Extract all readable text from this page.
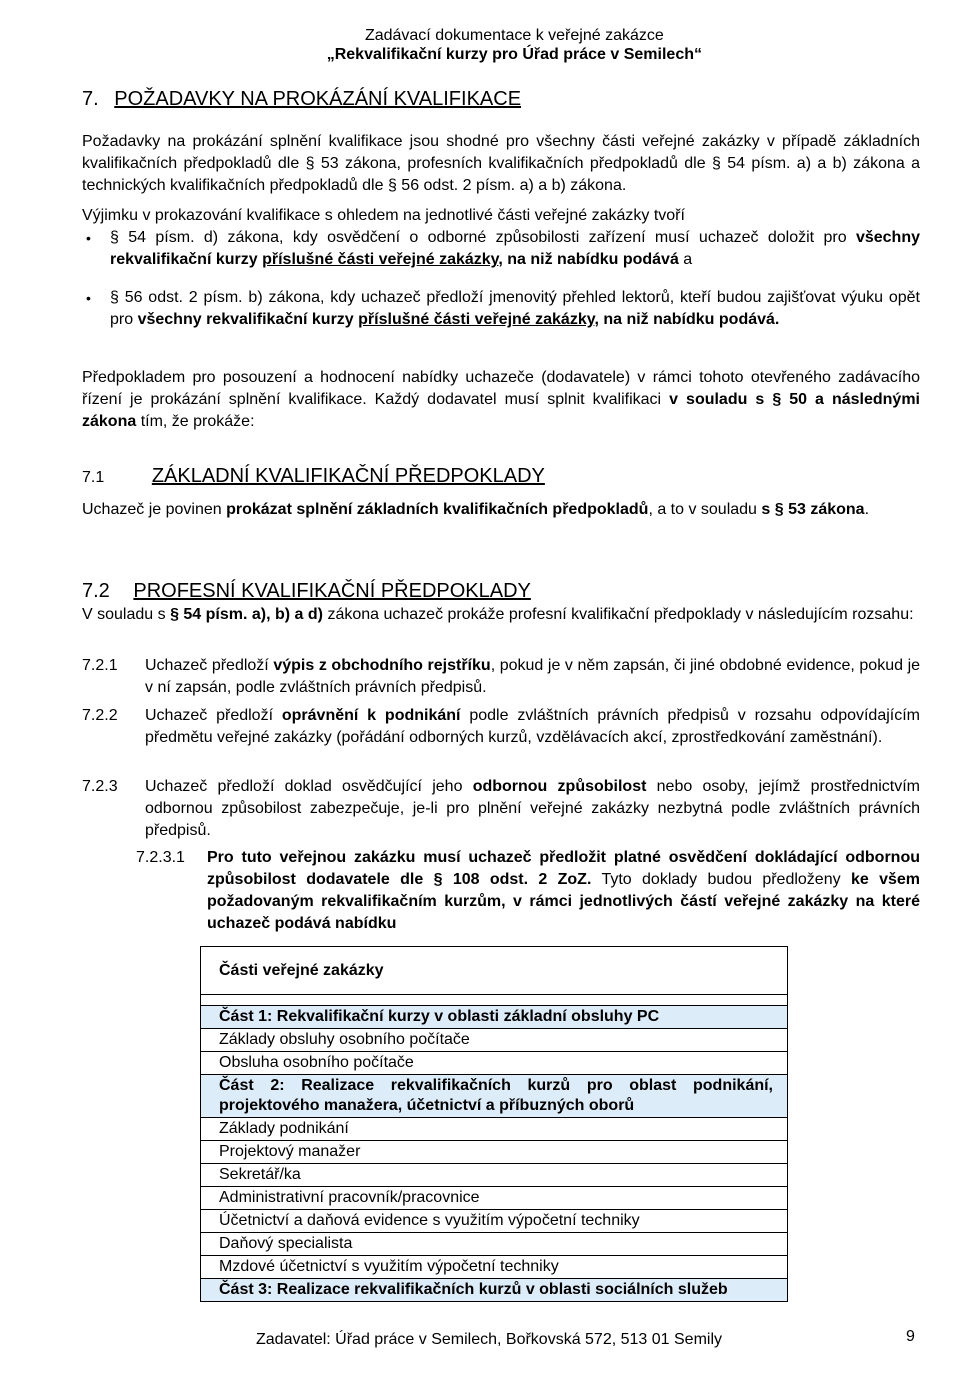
Zadávací dokumentace k veřejné zakázce
„Rekvalifikační kurzy pro Úřad práce v Semilech“
7. POŽADAVKY NA PROKÁZÁNÍ KVALIFIKACE
Požadavky na prokázání splnění kvalifikace jsou shodné pro všechny části veřejné zakázky v případě základních kvalifikačních předpokladů dle § 53 zákona, profesních kvalifikačních předpokladů dle § 54 písm. a) a b) zákona a technických kvalifikačních předpokladů dle § 56 odst. 2 písm. a) a b) zákona.
Výjimku v prokazování kvalifikace s ohledem na jednotlivé části veřejné zakázky tvoří
• § 54 písm. d) zákona, kdy osvědčení o odborné způsobilosti zařízení musí uchazeč doložit pro všechny rekvalifikační kurzy příslušné části veřejné zakázky, na niž nabídku podává a
• § 56 odst. 2 písm. b) zákona, kdy uchazeč předloží jmenovitý přehled lektorů, kteří budou zajišťovat výuku opět pro všechny rekvalifikační kurzy příslušné části veřejné zakázky, na niž nabídku podává.
Předpokladem pro posouzení a hodnocení nabídky uchazeče (dodavatele) v rámci tohoto otevřeného zadávacího řízení je prokázání splnění kvalifikace. Každý dodavatel musí splnit kvalifikaci v souladu s § 50 a následnými zákona tím, že prokáže:
7.1 ZÁKLADNÍ KVALIFIKAČNÍ PŘEDPOKLADY
Uchazeč je povinen prokázat splnění základních kvalifikačních předpokladů, a to v souladu s § 53 zákona.
7.2 PROFESNÍ KVALIFIKAČNÍ PŘEDPOKLADY
V souladu s § 54 písm. a), b) a d) zákona uchazeč prokáže profesní kvalifikační předpoklady v následujícím rozsahu:
7.2.1 Uchazeč předloží výpis z obchodního rejstříku, pokud je v něm zapsán, či jiné obdobné evidence, pokud je v ní zapsán, podle zvláštních právních předpisů.
7.2.2 Uchazeč předloží oprávnění k podnikání podle zvláštních právních předpisů v rozsahu odpovídajícím předmětu veřejné zakázky (pořádání odborných kurzů, vzdělávacích akcí, zprostředkování zaměstnání).
7.2.3 Uchazeč předloží doklad osvědčující jeho odbornou způsobilost nebo osoby, jejímž prostřednictvím odbornou způsobilost zabezpečuje, je-li pro plnění veřejné zakázky nezbytná podle zvláštních právních předpisů.
7.2.3.1 Pro tuto veřejnou zakázku musí uchazeč předložit platné osvědčení dokládající odbornou způsobilost dodavatele dle § 108 odst. 2 ZoZ. Tyto doklady budou předloženy ke všem požadovaným rekvalifikačním kurzům, v rámci jednotlivých částí veřejné zakázky na které uchazeč podává nabídku
Části veřejné zakázky

Část 1: Rekvalifikační kurzy v oblasti základní obsluhy PC
Základy obsluhy osobního počítače
Obsluha osobního počítače
Část 2: Realizace rekvalifikačních kurzů pro oblast podnikání, projektového manažera, účetnictví a příbuzných oborů
Základy podnikání
Projektový manažer
Sekretář/ka
Administrativní pracovník/pracovnice
Účetnictví a daňová evidence s využitím výpočetní techniky
Daňový specialista
Mzdové účetnictví s využitím výpočetní techniky
Část 3: Realizace rekvalifikačních kurzů v oblasti sociálních služeb
Zadavatel: Úřad práce v Semilech, Bořkovská 572, 513 01 Semily	9
